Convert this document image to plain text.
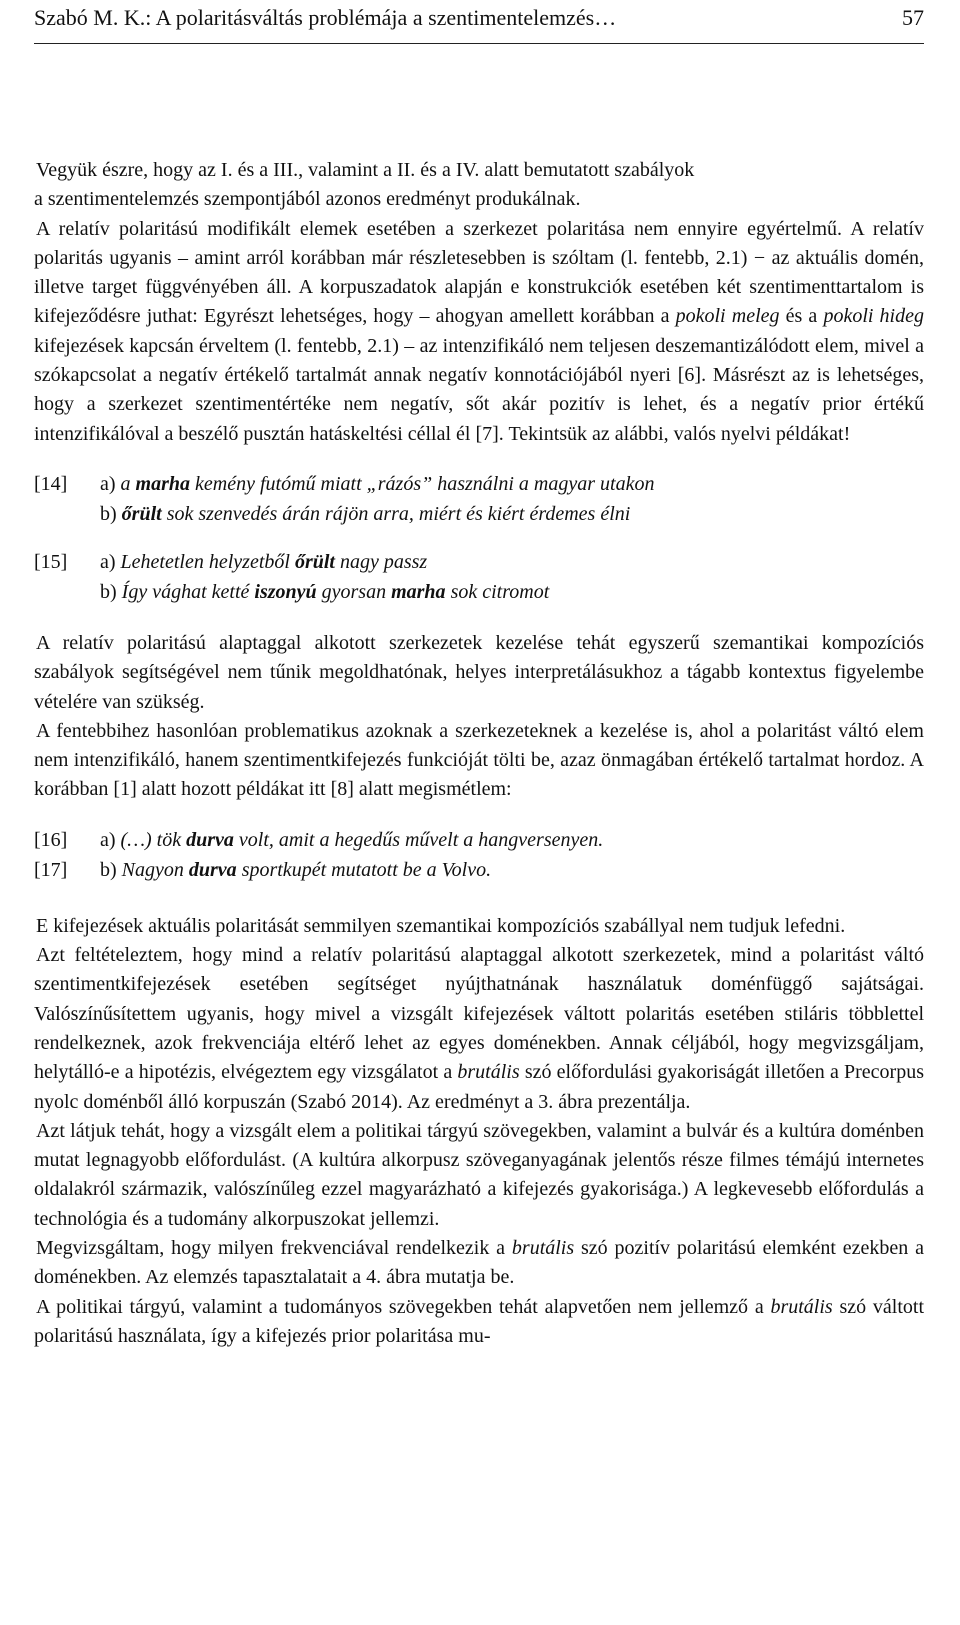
Szabó M. K.: A polaritásváltás problémája a szentimentelemzés…	57

Vegyük észre, hogy az I. és a III., valamint a II. és a IV. alatt bemutatott szabályok
a szentimentelemzés szempontjából azonos eredményt produkálnak.

A relatív polaritású modifikált elemek esetében a szerkezet polaritása nem ennyire egyértelmű. A relatív polaritás ugyanis – amint arról korábban már részletesebben is szóltam (l. fentebb, 2.1) − az aktuális domén, illetve target függvényében áll. A korpuszadatok alapján e konstrukciók esetében két szentimenttartalom is kifejeződésre juthat: Egyrészt lehetséges, hogy – ahogyan amellett korábban a pokoli meleg és a pokoli hideg kifejezések kapcsán érveltem (l. fentebb, 2.1) – az intenzifikáló nem teljesen deszemantizálódott elem, mivel a szókapcsolat a negatív értékelő tartalmát annak negatív konnotációjából nyeri [6]. Másrészt az is lehetséges, hogy a szerkezet szentimentértéke nem negatív, sőt akár pozitív is lehet, és a negatív prior értékű intenzifikálóval a beszélő pusztán hatáskeltési céllal él [7]. Tekintsük az alábbi, valós nyelvi példákat!

[14]	a) a marha kemény futómű miatt „rázós” használni a magyar utakon
b) őrült sok szenvedés árán rájön arra, miért és kiért érdemes élni
[15]	a) Lehetetlen helyzetből őrült nagy passz
b) Így vághat ketté iszonyú gyorsan marha sok citromot

A relatív polaritású alaptaggal alkotott szerkezetek kezelése tehát egyszerű szemantikai kompozíciós szabályok segítségével nem tűnik megoldhatónak, helyes interpretálásukhoz a tágabb kontextus figyelembe vételére van szükség.

A fentebbihez hasonlóan problematikus azoknak a szerkezeteknek a kezelése is, ahol a polaritást váltó elem nem intenzifikáló, hanem szentimentkifejezés funkcióját tölti be, azaz önmagában értékelő tartalmat hordoz. A korábban [1] alatt hozott példákat itt [8] alatt megismétlem:

[16]	a) (…) tök durva volt, amit a hegedűs művelt a hangversenyen.
[17]	b) Nagyon durva sportkupét mutatott be a Volvo.

E kifejezések aktuális polaritását semmilyen szemantikai kompozíciós szabállyal nem tudjuk lefedni.

Azt feltételeztem, hogy mind a relatív polaritású alaptaggal alkotott szerkezetek, mind a polaritást váltó szentimentkifejezések esetében segítséget nyújthatnának használatuk doménfüggő sajátságai. Valószínűsítettem ugyanis, hogy mivel a vizsgált kifejezések váltott polaritás esetében stiláris többlettel rendelkeznek, azok frekvenciája eltérő lehet az egyes doménekben. Annak céljából, hogy megvizsgáljam, helytálló-e a hipotézis, elvégeztem egy vizsgálatot a brutális szó előfordulási gyakoriságát illetően a Precorpus nyolc doménből álló korpuszán (Szabó 2014). Az eredményt a 3. ábra prezentálja.

Azt látjuk tehát, hogy a vizsgált elem a politikai tárgyú szövegekben, valamint a bulvár és a kultúra doménben mutat legnagyobb előfordulást. (A kultúra alkorpusz szöveganyagának jelentős része filmes témájú internetes oldalakról származik, valószínűleg ezzel magyarázható a kifejezés gyakorisága.) A legkevesebb előfordulás a technológia és a tudomány alkorpuszokat jellemzi.

Megvizsgáltam, hogy milyen frekvenciával rendelkezik a brutális szó pozitív polaritású elemként ezekben a doménekben. Az elemzés tapasztalatait a 4. ábra mutatja be.

A politikai tárgyú, valamint a tudományos szövegekben tehát alapvetően nem jellemző a brutális szó váltott polaritású használata, így a kifejezés prior polaritása mu-
